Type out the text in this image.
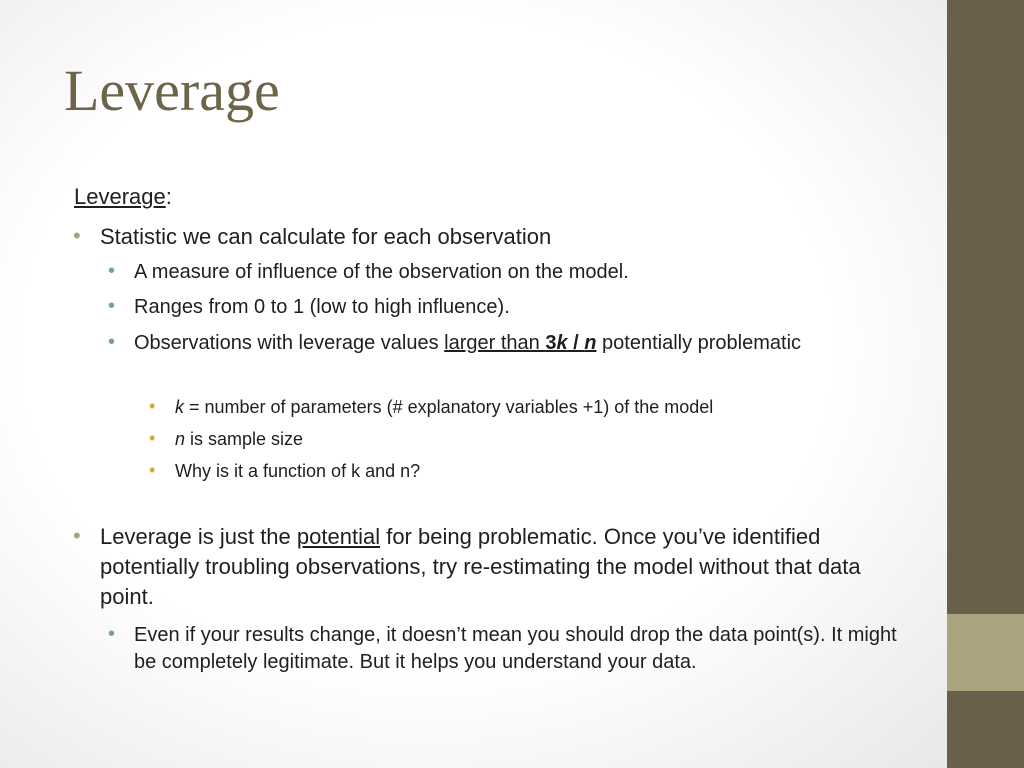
Leverage
Leverage:
• Statistic we can calculate for each observation
• A measure of influence of the observation on the model.
• Ranges from 0 to 1 (low to high influence).
• Observations with leverage values larger than 3k / n potentially problematic
• k = number of parameters (# explanatory variables +1) of the model
• n is sample size
• Why is it a function of k and n?
• Leverage is just the potential for being problematic. Once you’ve identified potentially troubling observations, try re-estimating the model without that data point.
• Even if your results change, it doesn’t mean you should drop the data point(s). It might be completely legitimate. But it helps you understand your data.
